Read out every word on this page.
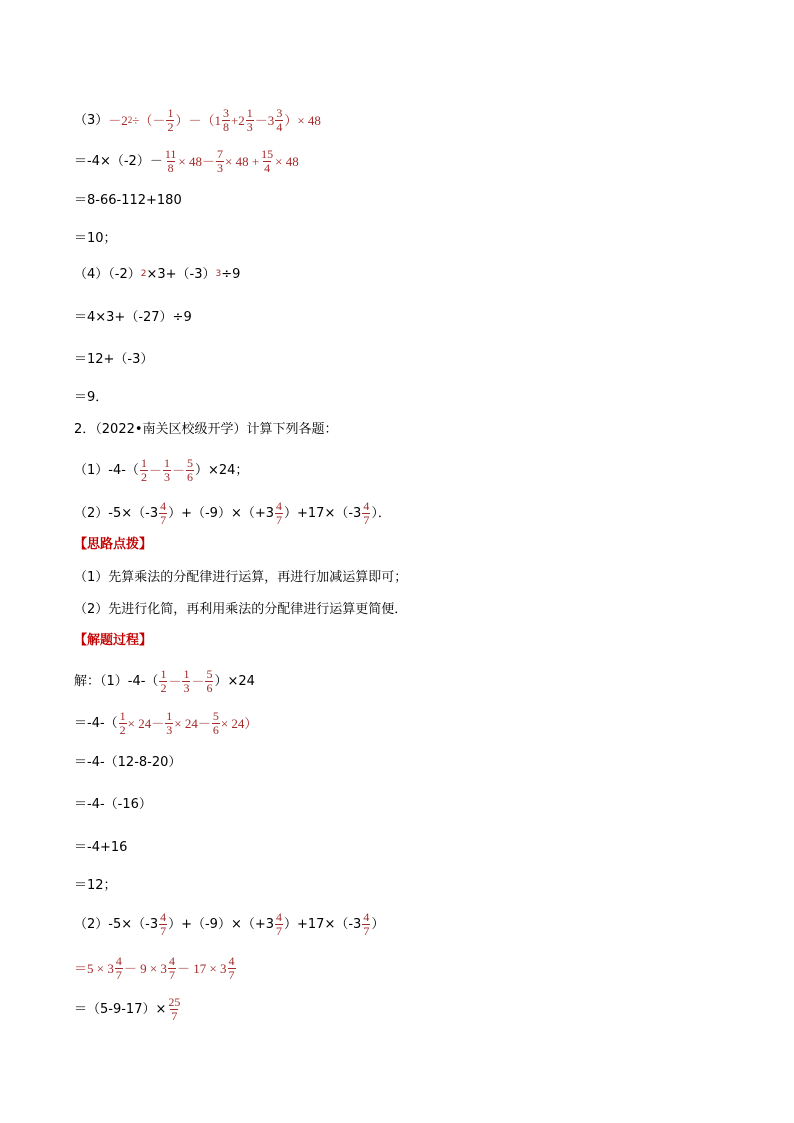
（3） －2 2 ÷（－ $\frac{1}{2} )-(1 \frac{3}{8} +2 \frac{1}{3} -3 \frac{3}{4}$ ）× 48
$=-4\times(-2)- \frac{11}{8} \times 48- \frac{7}{3} \times 48 + \frac{15}{4} \times 48$
＝8-66-112+180
＝10；
（4）（-2） 2 ×3+（-3） 3 ÷9
＝4×3+（-27）÷9
＝12+（-3）
＝9．
2．（2022•南关区校级开学）计算下列各题：
$(1)-4-( \frac{1}{2} - \frac{1}{3} - \frac{5}{6} )\times 24$；
$(2)-5\times(-3 \frac{4}{7} )+(-9)\times(+3 \frac{4}{7} )+17\times(-3 \frac{4}{7}$ ）．
【思路点拨】
（1）先算乘法的分配律进行运算，再进行加减运算即可；
（2）先进行化简，再利用乘法的分配律进行运算更简便．
【解题过程】
解：$(1)-4-( \frac{1}{2} - \frac{1}{3} - \frac{5}{6} )\times 24$
$=-4-( \frac{1}{2} \times 24- \frac{1}{3} \times 24- \frac{5}{6} \times 24)$
＝-4-（12-8-20）
＝-4-（-16）
＝-4+16
＝12；
$(2)-5\times(-3 \frac{4}{7} )+(-9)\times(+3 \frac{4}{7} )+17\times(-3 \frac{4}{7}$ ）
$=5 \times 3 \frac{4}{7} - 9 \times 3 \frac{4}{7} - 17 \times 3 \frac{4}{7}$
$=(5-9-17)\times \frac{25}{7}$
